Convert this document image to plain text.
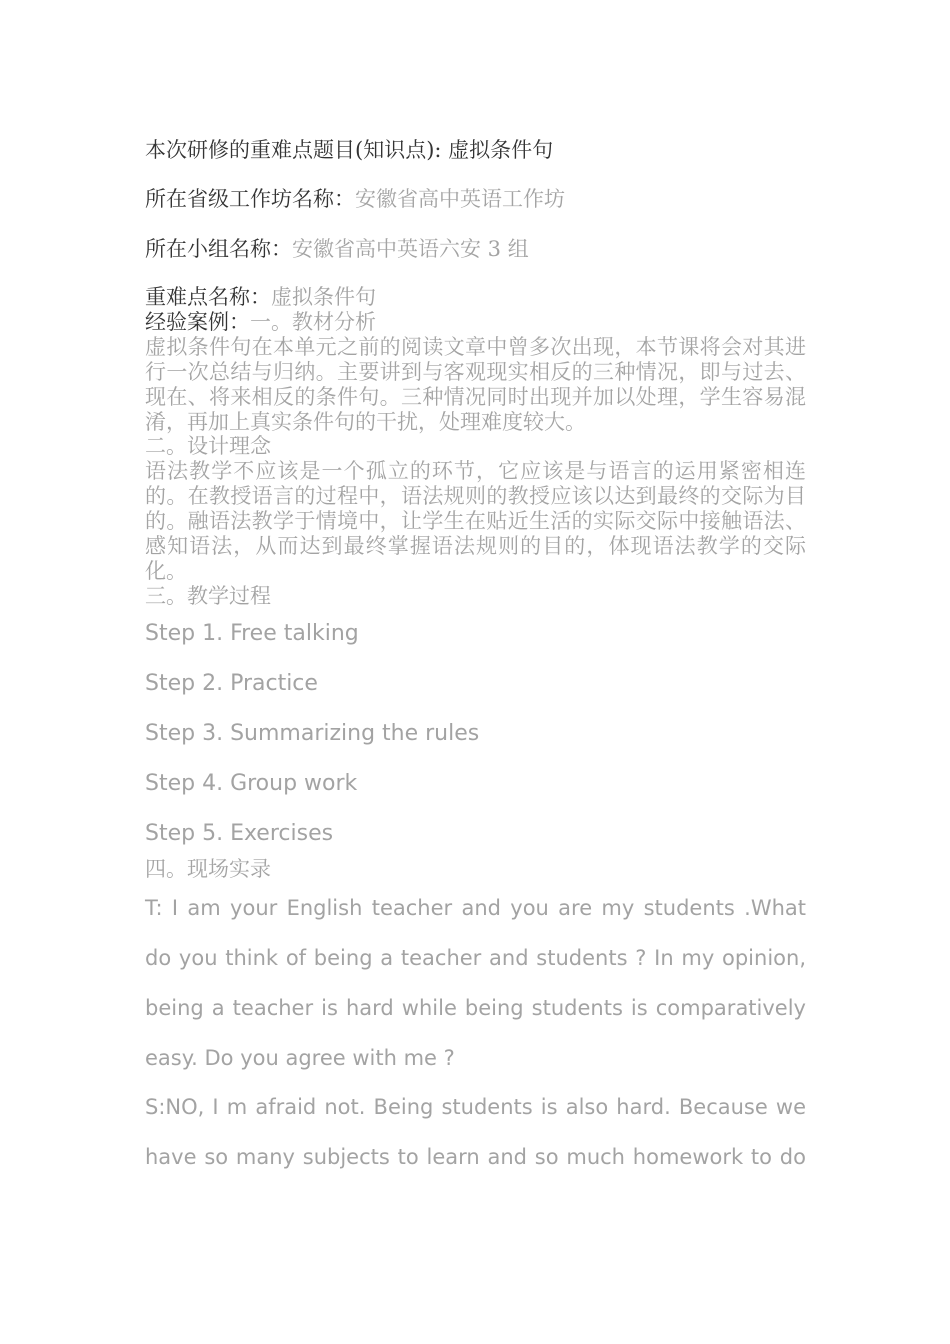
本次研修的重难点题目(知识点): 虚拟条件句

所在省级工作坊名称：安徽省高中英语工作坊

所在小组名称：安徽省高中英语六安 3 组

重难点名称：虚拟条件句

经验案例：一。教材分析

虚拟条件句在本单元之前的阅读文章中曾多次出现，本节课将会对其进行一次总结与归纳。主要讲到与客观现实相反的三种情况，即与过去、现在、将来相反的条件句。三种情况同时出现并加以处理，学生容易混淆，再加上真实条件句的干扰，处理难度较大。

二。设计理念

语法教学不应该是一个孤立的环节，它应该是与语言的运用紧密相连的。在教授语言的过程中，语法规则的教授应该以达到最终的交际为目的。融语法教学于情境中，让学生在贴近生活的实际交际中接触语法、感知语法，从而达到最终掌握语法规则的目的，体现语法教学的交际化。

三。教学过程

Step 1. Free talking

Step 2. Practice

Step 3. Summarizing the rules

Step 4. Group work

Step 5. Exercises

四。现场实录

T: I am your English teacher and you are my students .What

do you think of being a teacher and students ? In my opinion,

being a teacher is hard while being students is comparatively

easy. Do you agree with me ?

S:NO, I m afraid not. Being students is also hard. Because we

have so many subjects to learn and so much homework to do
